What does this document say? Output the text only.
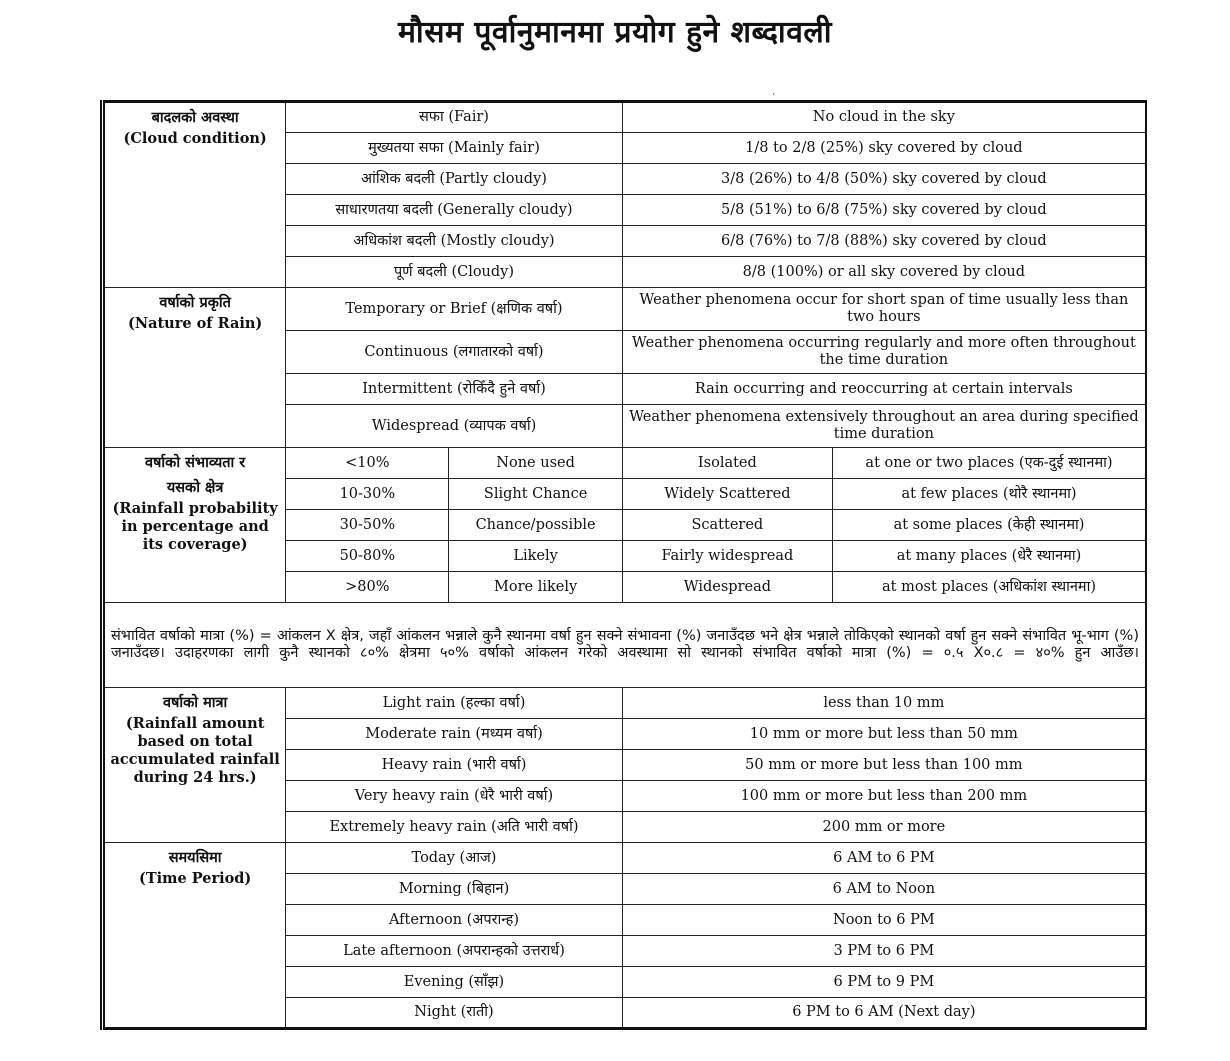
मौसम पूर्वानुमानमा प्रयोग हुने शब्दावली
ʻ
बादलको अवस्था
(Cloud condition)	सफा (Fair)		No cloud in the sky	
	मुख्यतया सफा (Mainly fair)		1/8 to 2/8 (25%) sky covered by cloud	
	आंशिक बदली (Partly cloudy)		3/8 (26%) to 4/8 (50%) sky covered by cloud	
	साधारणतया बदली (Generally cloudy)		5/8 (51%) to 6/8 (75%) sky covered by cloud	
	अधिकांश बदली (Mostly cloudy)		6/8 (76%) to 7/8 (88%) sky covered by cloud	
	पूर्ण बदली (Cloudy)		8/8 (100%) or all sky covered by cloud	
वर्षाको प्रकृति
(Nature of Rain)	Temporary or Brief (क्षणिक वर्षा)		Weather phenomena occur for short span of time usually less than two hours	
	Continuous (लगातारको वर्षा)		Weather phenomena occurring regularly and more often throughout the time duration	
	Intermittent (रोकिँदै हुने वर्षा)		Rain occurring and reoccurring at certain intervals	
	Widespread (व्यापक वर्षा)		Weather phenomena extensively throughout an area during specified time duration	

वर्षाको संभाव्यता र
यसको क्षेत्र
(Rainfall probability in percentage and its coverage)	<10%	None used	Isolated	at one or two places (एक-दुई स्थानमा)
	10-30%	Slight Chance	Widely Scattered	at few places (थोरै स्थानमा)
	30-50%	Chance/possible	Scattered	at some places (केही स्थानमा)
	50-80%	Likely	Fairly widespread	at many places (धेरै स्थानमा)
	>80%	More likely	Widespread	at most places (अधिकांश स्थानमा)
संभावित वर्षाको मात्रा (%) = आंकलन X क्षेत्र, जहाँ आंकलन भन्नाले कुनै स्थानमा वर्षा हुन सक्ने संभावना (%) जनाउँदछ भने क्षेत्र भन्नाले तोकिएको स्थानको वर्षा हुन सक्ने संभावित भू-भाग (%) जनाउँदछ। उदाहरणका लागी कुनै स्थानको ८०% क्षेत्रमा ५०% वर्षाको आंकलन गरेको अवस्थामा सो स्थानको संभावित वर्षाको मात्रा (%) = ०.५ X०.८ = ४०% हुन आउँछ।				
वर्षाको मात्रा
(Rainfall amount based on total accumulated rainfall during 24 hrs.)	Light rain (हल्का वर्षा)		less than 10 mm	
	Moderate rain (मध्यम वर्षा)		10 mm or more but less than 50 mm	
	Heavy rain (भारी वर्षा)		50 mm or more but less than 100 mm	
	Very heavy rain (धेरै भारी वर्षा)		100 mm or more but less than 200 mm	
	Extremely heavy rain (अति भारी वर्षा)		200 mm or more	
समयसिमा
(Time Period)	Today (आज)		6 AM to 6 PM	
	Morning (बिहान)		6 AM to Noon	
	Afternoon (अपरान्ह)		Noon to 6 PM	
	Late afternoon (अपरान्हको उत्तरार्ध)		3 PM to 6 PM	
	Evening (साँझ)		6 PM to 9 PM	
	Night (राती)		6 PM to 6 AM (Next day)	
